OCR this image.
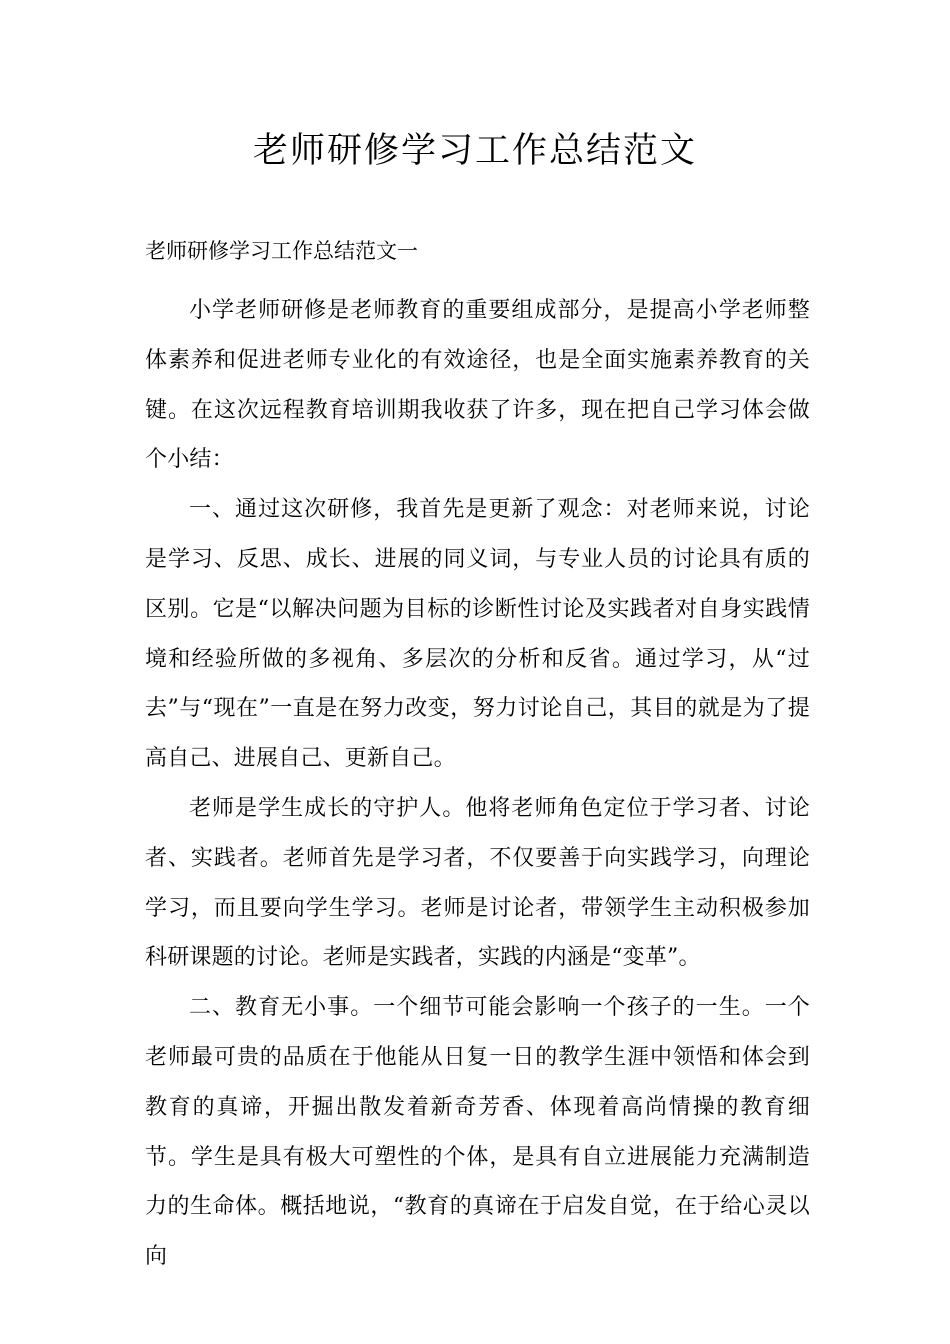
老师研修学习工作总结范文
老师研修学习工作总结范文一

小学老师研修是老师教育的重要组成部分，是提高小学老师整体素养和促进老师专业化的有效途径，也是全面实施素养教育的关键。在这次远程教育培训期我收获了许多，现在把自己学习体会做个小结：

一、通过这次研修，我首先是更新了观念：对老师来说，讨论是学习、反思、成长、进展的同义词，与专业人员的讨论具有质的区别。它是“以解决问题为目标的诊断性讨论及实践者对自身实践情境和经验所做的多视角、多层次的分析和反省。通过学习，从“过去”与“现在”一直是在努力改变，努力讨论自己，其目的就是为了提高自己、进展自己、更新自己。

老师是学生成长的守护人。他将老师角色定位于学习者、讨论者、实践者。老师首先是学习者，不仅要善于向实践学习，向理论学习，而且要向学生学习。老师是讨论者，带领学生主动积极参加科研课题的讨论。老师是实践者，实践的内涵是“变革”。

二、教育无小事。一个细节可能会影响一个孩子的一生。一个老师最可贵的品质在于他能从日复一日的教学生涯中领悟和体会到教育的真谛，开掘出散发着新奇芳香、体现着高尚情操的教育细节。学生是具有极大可塑性的个体，是具有自立进展能力充满制造力的生命体。概括地说，“教育的真谛在于启发自觉，在于给心灵以向
